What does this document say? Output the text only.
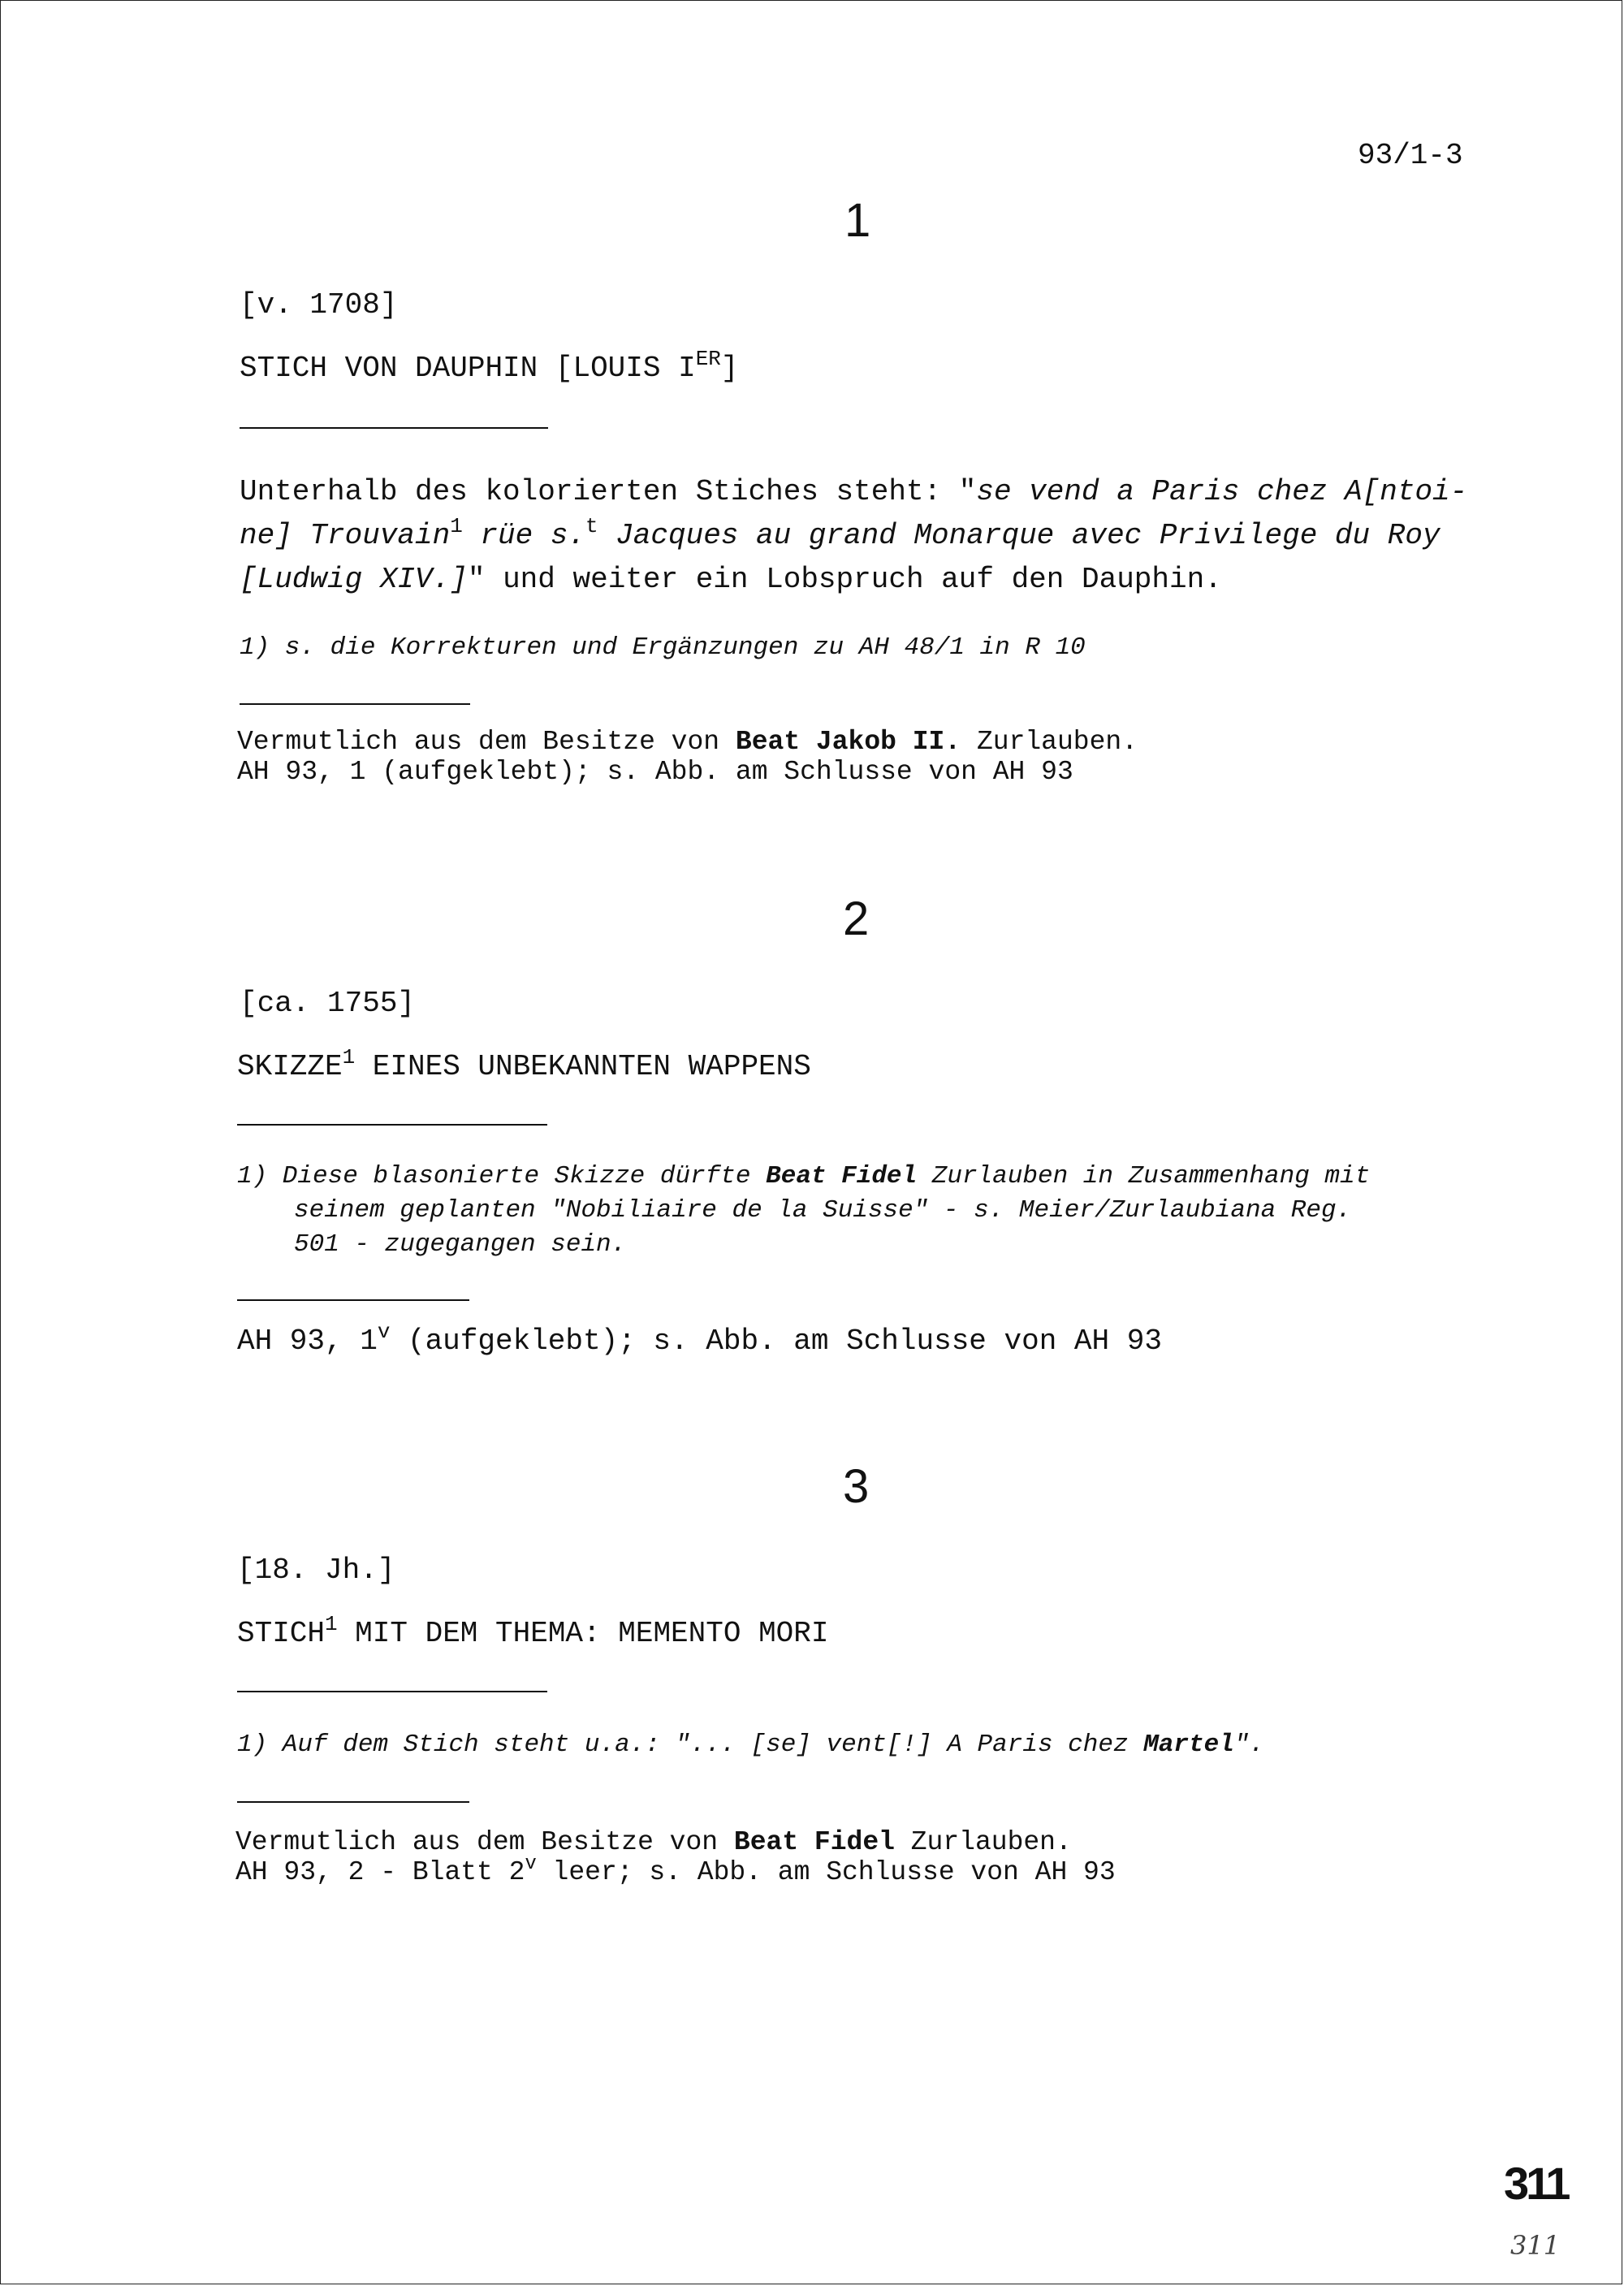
93/1-3
1
[v. 1708]
STICH VON DAUPHIN [LOUIS IER]
Unterhalb des kolorierten Stiches steht: "se vend a Paris chez A[ntoi-
ne] Trouvain$^1$ rüe s.$^t$ Jacques au grand Monarque avec Privilege du Roy
[Ludwig XIV.]" und weiter ein Lobspruch auf den Dauphin.
1) s. die Korrekturen und Ergänzungen zu AH 48/1 in R 10
Vermutlich aus dem Besitze von Beat Jakob II. Zurlauben.
AH 93, 1 (aufgeklebt); s. Abb. am Schlusse von AH 93
2
[ca. 1755]
SKIZZE$^1$ EINES UNBEKANNTEN WAPPENS
1) Diese blasonierte Skizze dürfte Beat Fidel Zurlauben in Zusammenhang mit
seinem geplanten "Nobiliaire de la Suisse" - s. Meier/Zurlaubiana Reg.
501 - zugegangen sein.
AH 93, 1$^v$ (aufgeklebt); s. Abb. am Schlusse von AH 93
3
[18. Jh.]
STICH$^1$ MIT DEM THEMA: MEMENTO MORI
1) Auf dem Stich steht u.a.: "... [se] vent[!] A Paris chez Martel".
Vermutlich aus dem Besitze von Beat Fidel Zurlauben.
AH 93, 2 - Blatt 2$^v$ leer; s. Abb. am Schlusse von AH 93
311
311
